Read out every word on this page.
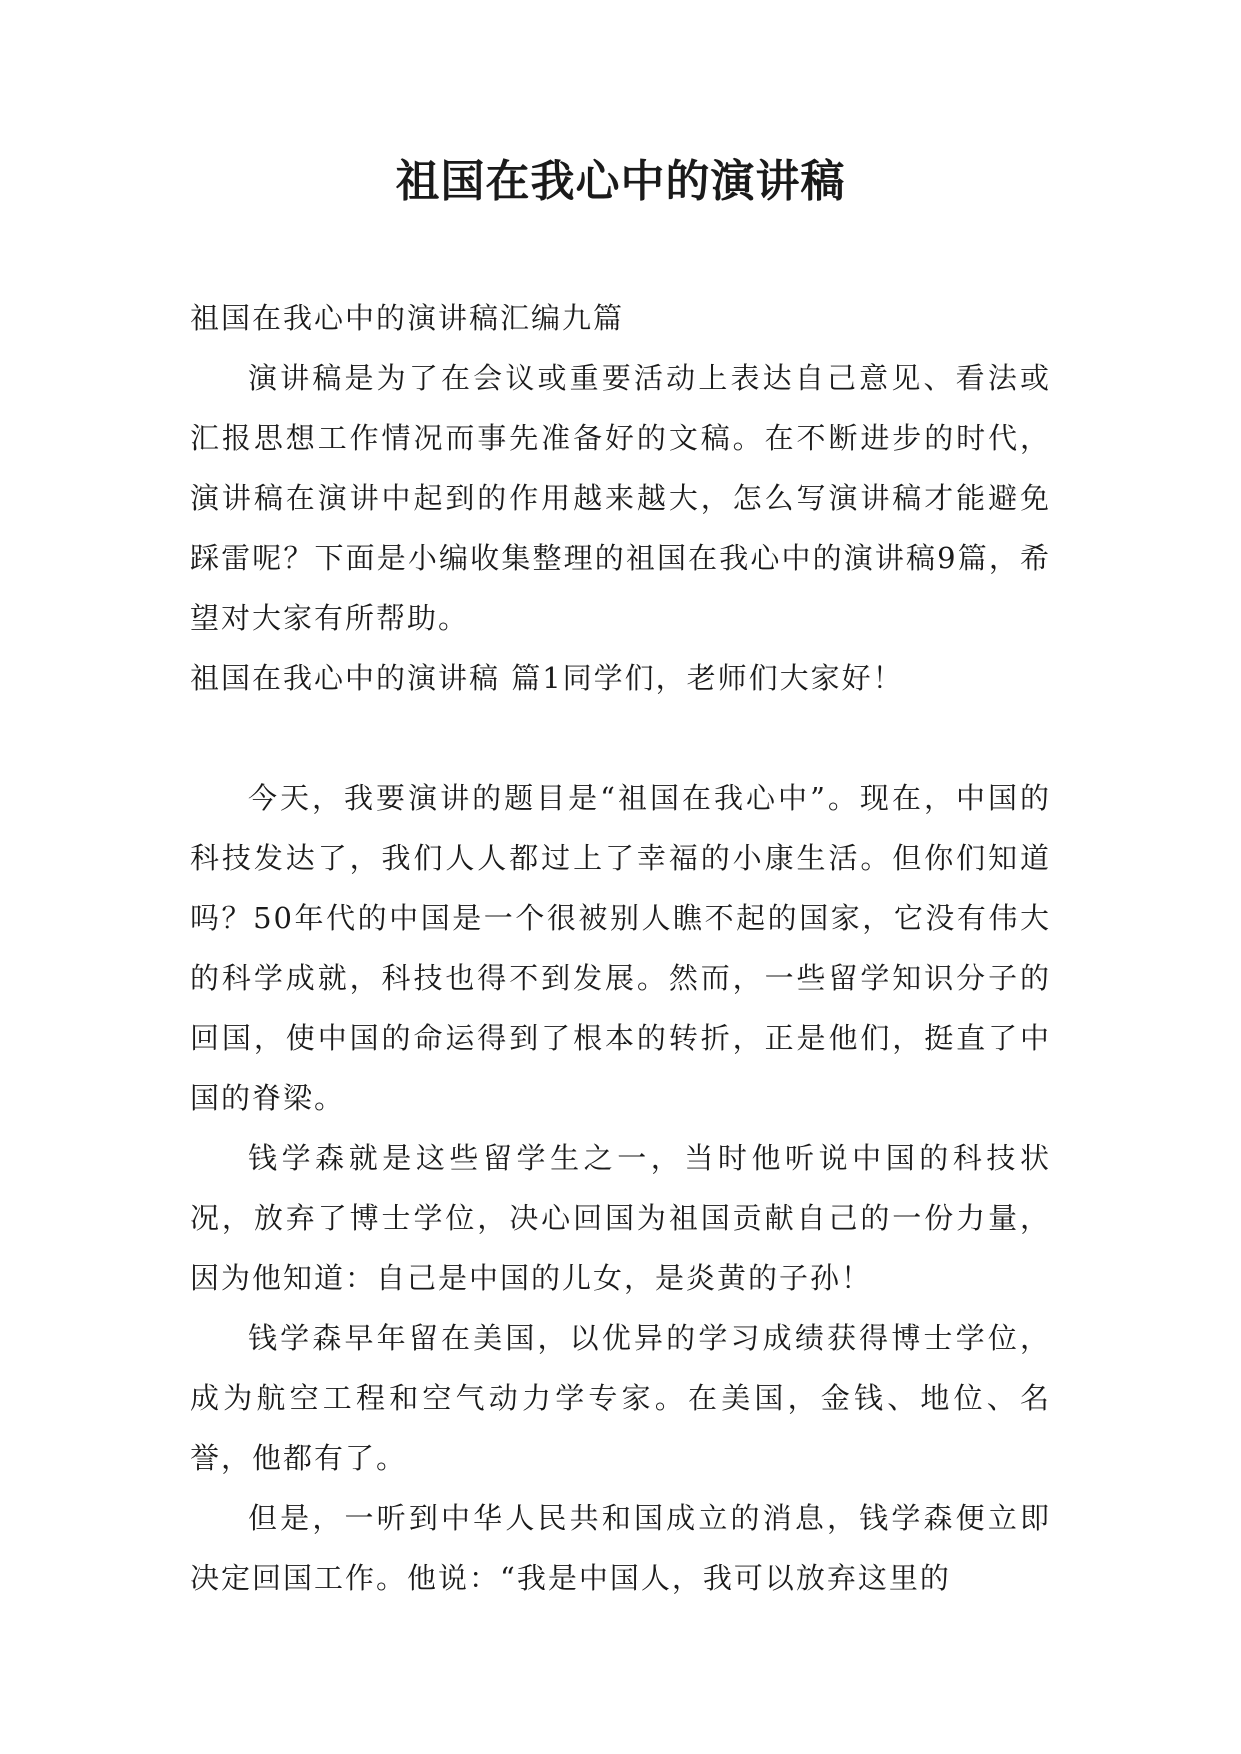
祖国在我心中的演讲稿

祖国在我心中的演讲稿汇编九篇

演讲稿是为了在会议或重要活动上表达自己意见、看法或汇报思想工作情况而事先准备好的文稿。在不断进步的时代，演讲稿在演讲中起到的作用越来越大，怎么写演讲稿才能避免踩雷呢？下面是小编收集整理的祖国在我心中的演讲稿9篇，希望对大家有所帮助。

祖国在我心中的演讲稿 篇1同学们，老师们大家好！

今天，我要演讲的题目是“祖国在我心中”。现在，中国的科技发达了，我们人人都过上了幸福的小康生活。但你们知道吗？50年代的中国是一个很被别人瞧不起的国家，它没有伟大的科学成就，科技也得不到发展。然而，一些留学知识分子的回国，使中国的命运得到了根本的转折，正是他们，挺直了中国的脊梁。

钱学森就是这些留学生之一，当时他听说中国的科技状况，放弃了博士学位，决心回国为祖国贡献自己的一份力量，因为他知道：自己是中国的儿女，是炎黄的子孙！

钱学森早年留在美国，以优异的学习成绩获得博士学位，成为航空工程和空气动力学专家。在美国，金钱、地位、名誉，他都有了。

但是，一听到中华人民共和国成立的消息，钱学森便立即决定回国工作。他说：“我是中国人，我可以放弃这里的
